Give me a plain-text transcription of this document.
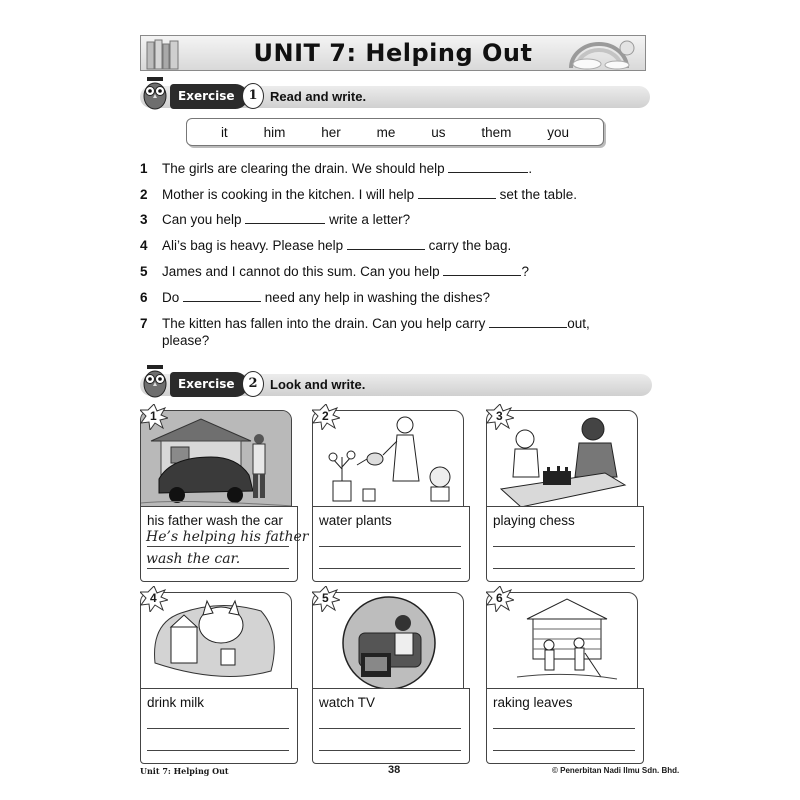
UNIT 7: Helping Out
Exercise	1 Read and write.
it	him	her	me	us	them	you
1 The girls are clearing the drain. We should help	.
2 Mother is cooking in the kitchen. I will help	set the table.
3 Can you help	write a letter?
4 Ali’s bag is heavy. Please help	carry the bag.
5 James and I cannot do this sum. Can you help	?
6 Do	need any help in washing the dishes?
7 The kitten has fallen into the drain. Can you help carry	out,
please?
Exercise	2 Look and write.
1
his father wash the car
He’s helping his father
wash the car.
2
water plants
3
playing chess
4
drink milk
5
watch TV
6
raking leaves
Unit 7: Helping Out	38	© Penerbitan Nadi Ilmu Sdn. Bhd.
